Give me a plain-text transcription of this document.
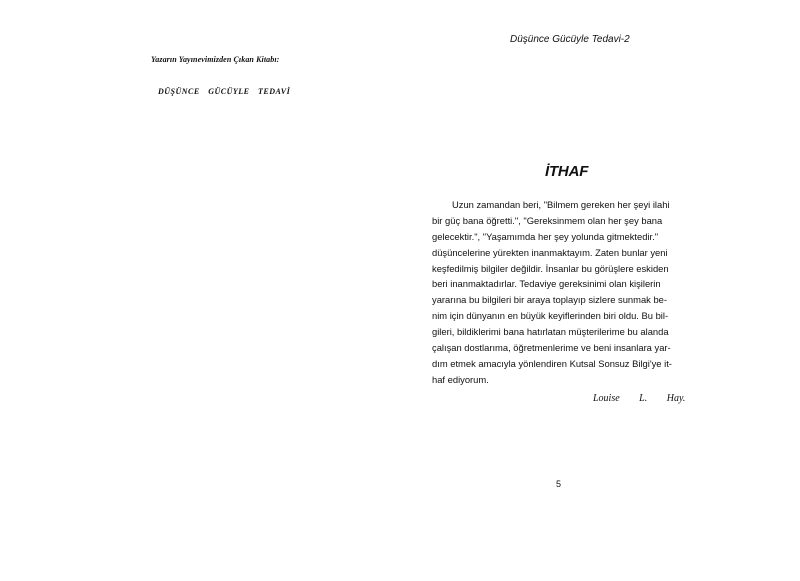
Yazarın Yayınevimizden Çıkan Kitabı:
DÜŞÜNCE GÜCÜYLE TEDAVİ
Düşünce Gücüyle Tedavi-2
İTHAF
Uzun zamandan beri, "Bilmem gereken her şeyi ilahi
bir güç bana öğretti.", "Gereksinmem olan her şey bana
gelecektir.", "Yaşamımda her şey yolunda gitmektedir."
düşüncelerine yürekten inanmaktayım. Zaten bunlar yeni
keşfedilmiş bilgiler değildir. İnsanlar bu görüşlere eskiden
beri inanmaktadırlar. Tedaviye gereksinimi olan kişilerin
yararına bu bilgileri bir araya toplayıp sizlere sunmak be-
nim için dünyanın en büyük keyiflerinden biri oldu. Bu bil-
gileri, bildiklerimi bana hatırlatan müşterilerime bu alanda
çalışan dostlarıma, öğretmenlerime ve beni insanlara yar-
dım etmek amacıyla yönlendiren Kutsal Sonsuz Bilgi'ye it-
haf ediyorum.
Louise L. Hay.
5
